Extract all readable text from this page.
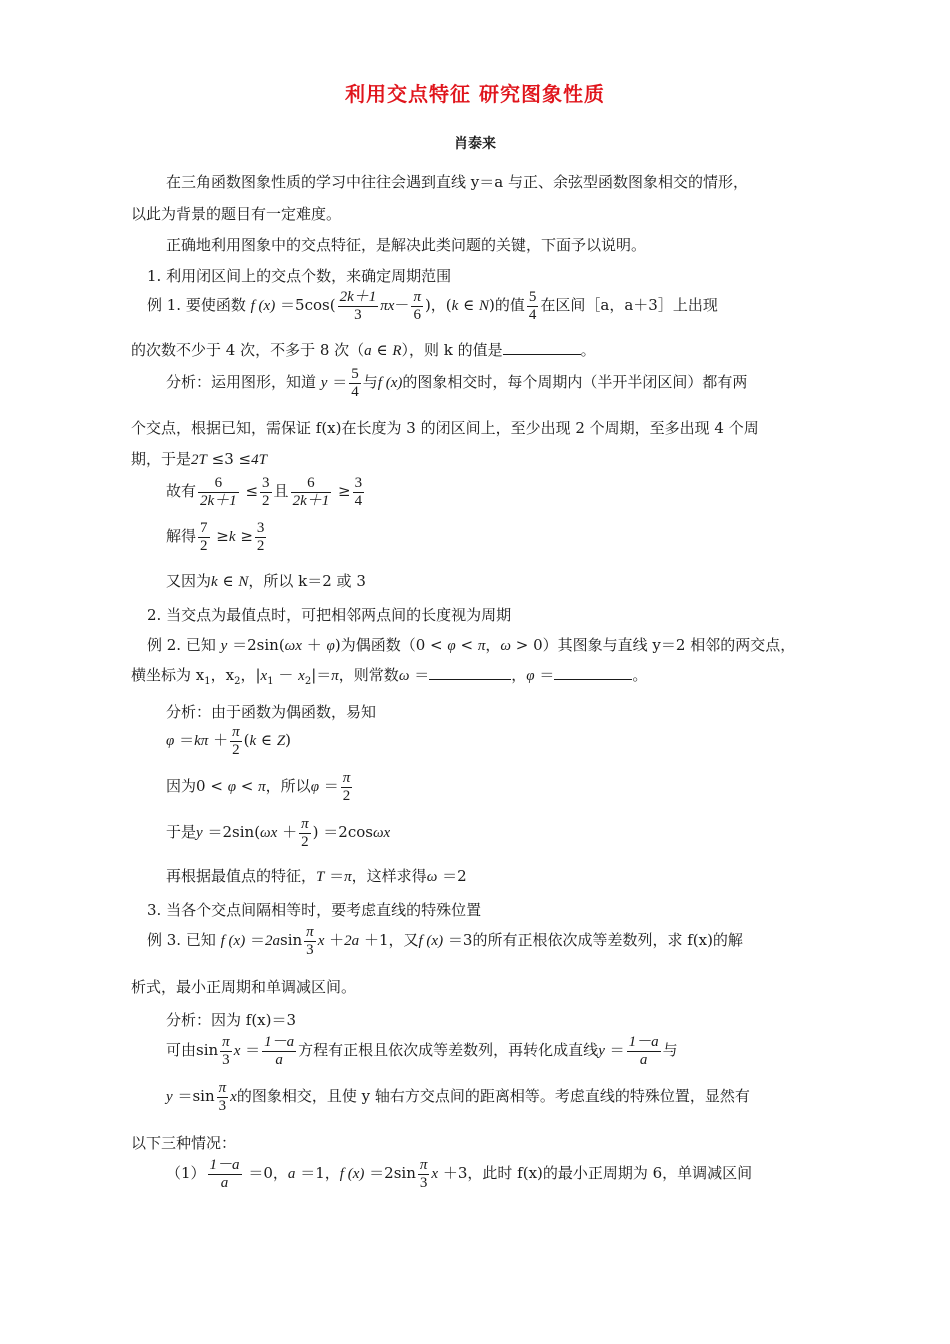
利用交点特征 研究图象性质
肖泰来
在三角函数图象性质的学习中往往会遇到直线 y＝a 与正、余弦型函数图象相交的情形，
以此为背景的题目有一定难度。
正确地利用图象中的交点特征，是解决此类问题的关键，下面予以说明。
1. 利用闭区间上的交点个数，来确定周期范围
例 1. 要使函数 f $(x) =5\cos( \frac{2k+1}{3} \pi x- \frac{\pi}{6}$ )，(k ∈ N)的值 $\frac{5}{4}$ 在区间［a，a＋3］上出现
的次数不少于 4 次，不多于 8 次（a ∈ R），则 k 的值是	。
分析：运用图形，知道 $y = \frac{5}{4}$ 与f (x)的图象相交时，每个周期内（半开半闭区间）都有两
个交点，根据已知，需保证 f(x)在长度为 3 的闭区间上，至少出现 2 个周期，至多出现 4 个周
期，于是2T ≤3 ≤4T
故有 $\frac{6}{2k+1} \le \frac{3}{2}$ 且 $\frac{6}{2k+1} \ge \frac{3}{4}$
解得 $\frac{7}{2} \ge k \ge \frac{3}{2}$
又因为k ∈ N，所以 k＝2 或 3
2. 当交点为最值点时，可把相邻两点间的长度视为周期
例 2. 已知 y ＝2sin(ωx ＋ φ)为偶函数（0 < φ < π，ω > 0）其图象与直线 y＝2 相邻的两交点，
横坐标为 $x_1$，$x_2$，$|x_1 - x_2|=\pi$，则常数ω ＝	，φ ＝	。
分析：由于函数为偶函数，易知
$\varphi =k\pi + \frac{\pi}{2} (k$ ∈ Z)
因为0 < φ < π，所以$\varphi = \frac{\pi}{2}$
于是$y =2\sin(\omega x + \frac{\pi}{2}$ ) ＝2cosωx
再根据最值点的特征，T ＝π，这样求得ω ＝2
3. 当各个交点间隔相等时，要考虑直线的特殊位置
例 3. 已知 f $(x) =2asin \frac{\pi}{3}$ x ＋2a ＋1，又f (x) ＝3的所有正根依次成等差数列，求 f(x)的解
析式，最小正周期和单调减区间。
分析：因为 f(x)＝3
可由$\sin \frac{\pi}{3}$ $x = \frac{1-a}{a}$ 方程有正根且依次成等差数列，再转化成直线$y = \frac{1-a}{a}$ 与
$y =\sin \frac{\pi}{3}$ x的图象相交，且使 y 轴右方交点间的距离相等。考虑直线的特殊位置，显然有
以下三种情况：
$(1) \frac{1-a}{a} =0$，a ＝1，f $(x) =2\sin \frac{\pi}{3}$ x ＋3，此时 f(x)的最小正周期为 6，单调减区间
